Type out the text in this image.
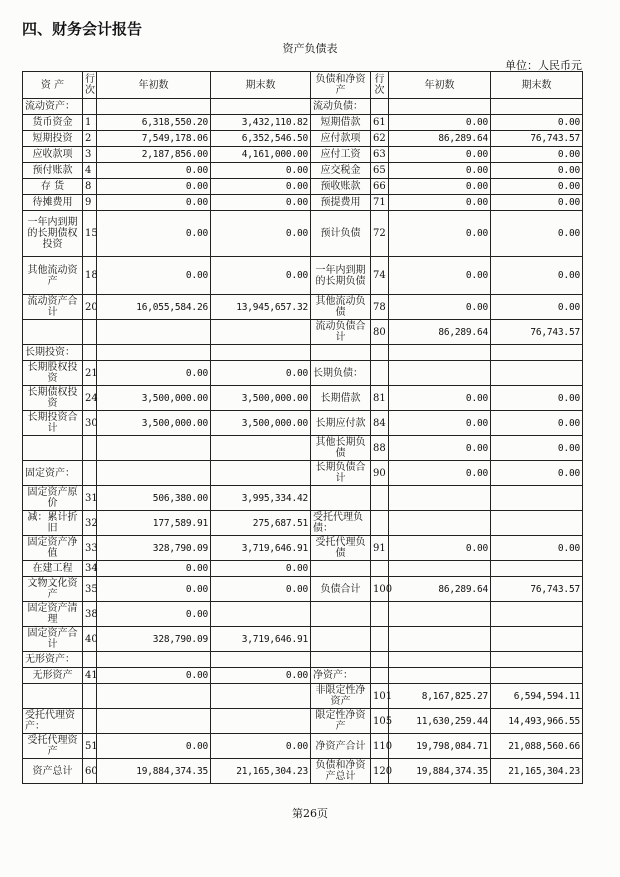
四、财务会计报告
资产负债表
单位：人民币元
资 产	行次	年初数	期末数	负债和净资产	行次	年初数	期末数
流动资产：				流动负债：			
货币资金	1	6,318,550.20	3,432,110.82	短期借款	61	0.00	0.00
短期投资	2	7,549,178.06	6,352,546.50	应付款项	62	86,289.64	76,743.57
应收款项	3	2,187,856.00	4,161,000.00	应付工资	63	0.00	0.00
预付账款	4	0.00	0.00	应交税金	65	0.00	0.00
存 货	8	0.00	0.00	预收账款	66	0.00	0.00
待摊费用	9	0.00	0.00	预提费用	71	0.00	0.00
一年内到期的长期债权投资	15	0.00	0.00	预计负债	72	0.00	0.00
其他流动资产	18	0.00	0.00	一年内到期的长期负债	74	0.00	0.00
流动资产合计	20	16,055,584.26	13,945,657.32	其他流动负债	78	0.00	0.00
				流动负债合计	80	86,289.64	76,743.57
长期投资：							
长期股权投资	21	0.00	0.00	长期负债：			
长期债权投资	24	3,500,000.00	3,500,000.00	长期借款	81	0.00	0.00
长期投资合计	30	3,500,000.00	3,500,000.00	长期应付款	84	0.00	0.00
				其他长期负债	88	0.00	0.00
固定资产：				长期负债合计	90	0.00	0.00
固定资产原价	31	506,380.00	3,995,334.42				
减：累计折旧	32	177,589.91	275,687.51	受托代理负债：			
固定资产净值	33	328,790.09	3,719,646.91	受托代理负债	91	0.00	0.00
在建工程	34	0.00	0.00				
文物文化资产	35	0.00	0.00	负债合计	100	86,289.64	76,743.57
固定资产清理	38	0.00					
固定资产合计	40	328,790.09	3,719,646.91				
无形资产：							
无形资产	41	0.00	0.00	净资产：			
				非限定性净资产	101	8,167,825.27	6,594,594.11
受托代理资产：				限定性净资产	105	11,630,259.44	14,493,966.55
受托代理资产	51	0.00	0.00	净资产合计	110	19,798,084.71	21,088,560.66
资产总计	60	19,884,374.35	21,165,304.23	负债和净资产总计	120	19,884,374.35	21,165,304.23
第26页
